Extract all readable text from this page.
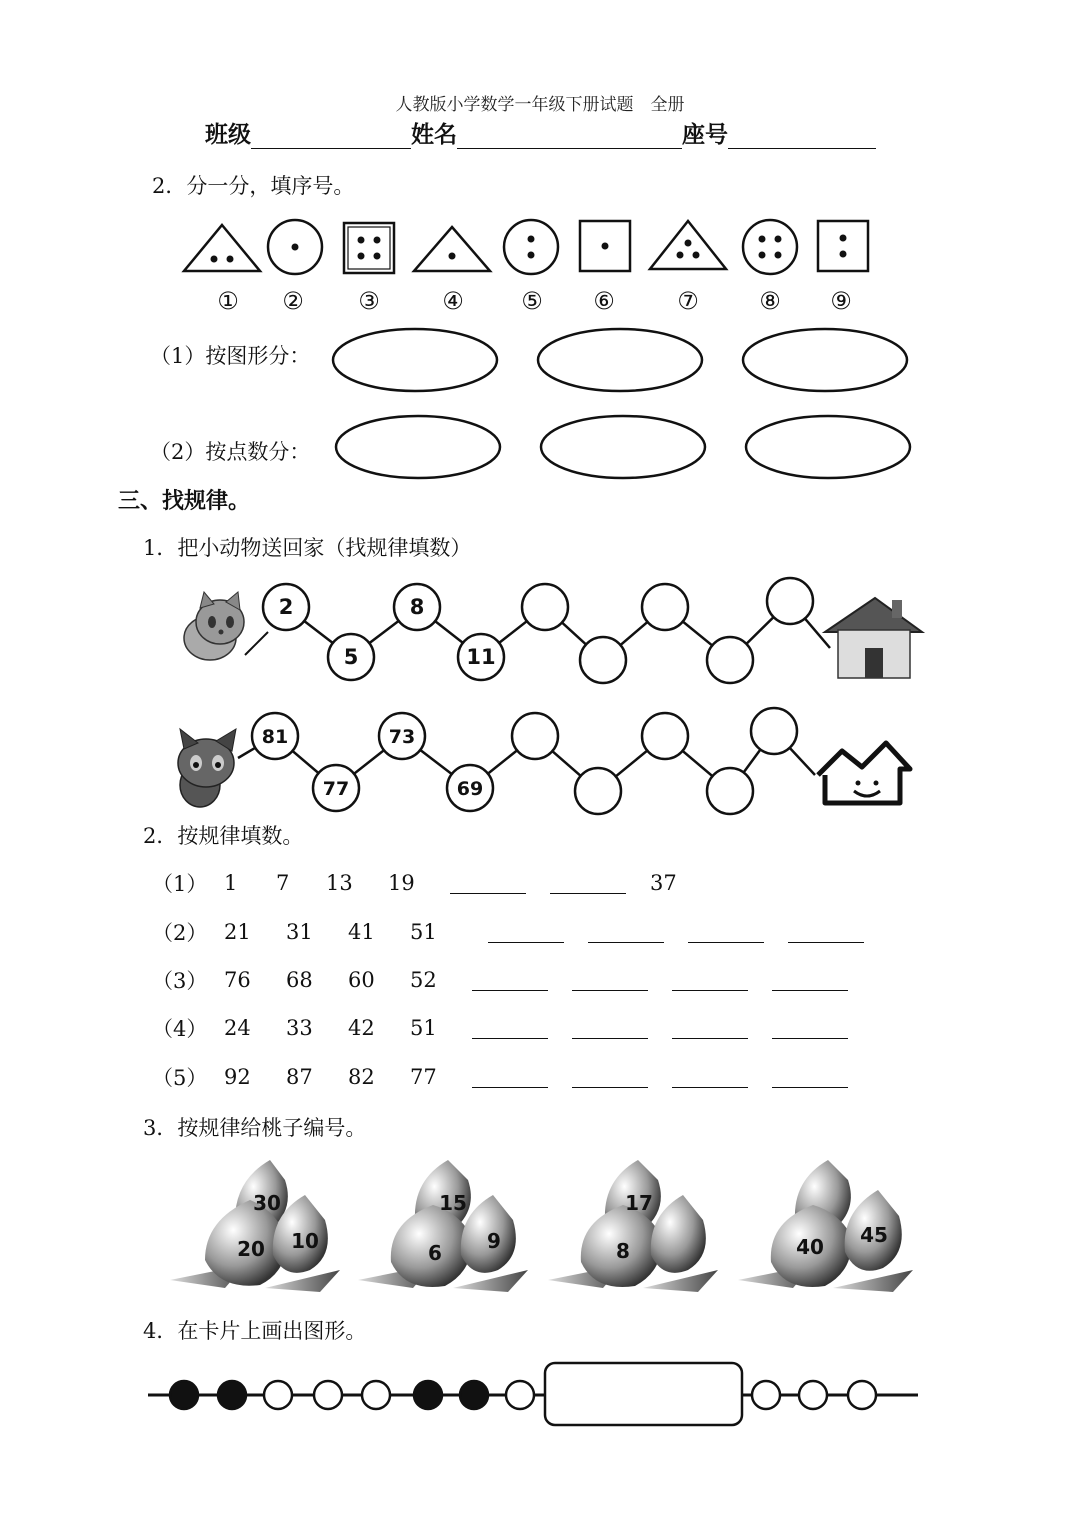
人教版小学数学一年级下册试题　全册
班级	姓名	座号
2．分一分，填序号。
① ② ③	④ ⑤ ⑥	⑦	⑧ ⑨
（1）按图形分：
（2）按点数分：
三、找规律。
1．把小动物送回家（找规律填数）
2
5
8
11
81
77
73
69
2．按规律填数。
（1） 1	7	13	19	37
（2） 21	31	41	51
（3） 76	68	60	52
（4） 24	33	42	51
（5） 92	87	82	77
3．按规律给桃子编号。
30
20 10
15
6 9
17
8	40 45
4．在卡片上画出图形。
